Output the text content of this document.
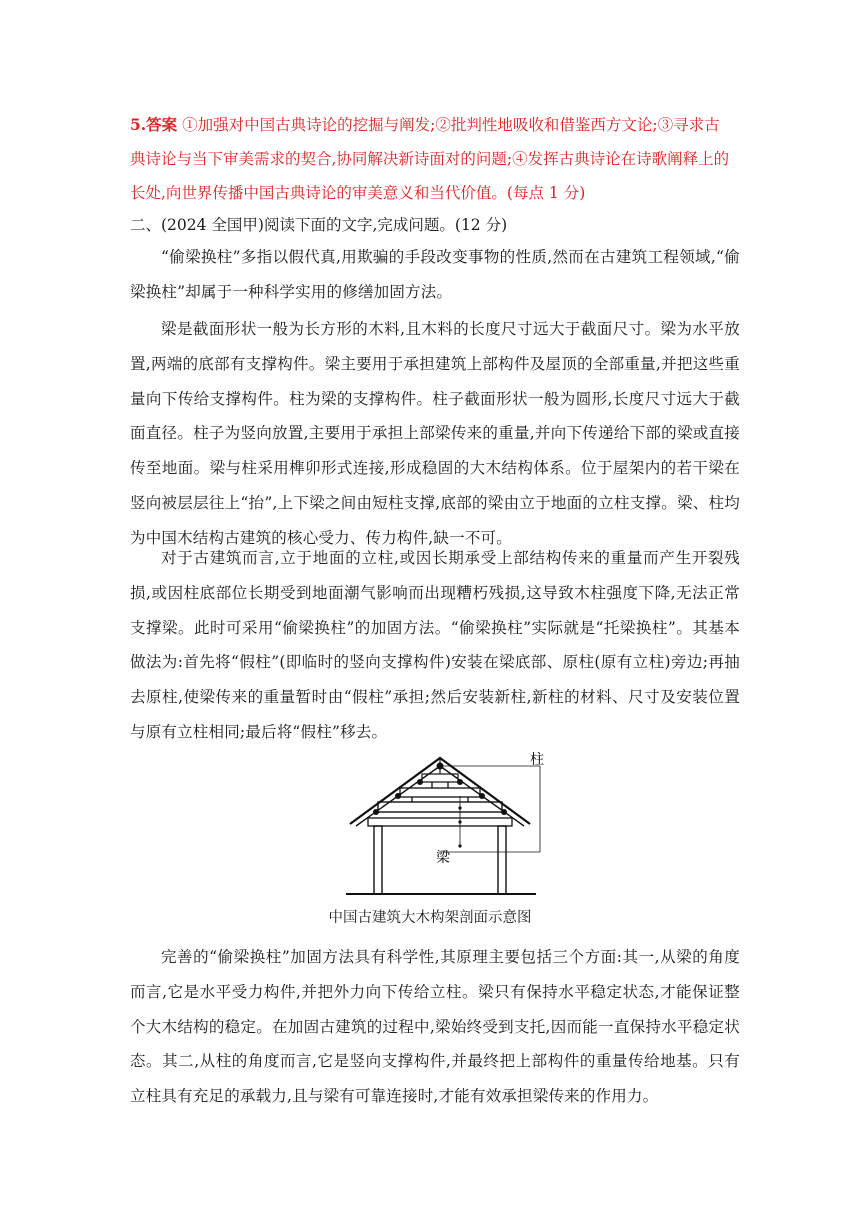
5.答案 ①加强对中国古典诗论的挖掘与阐发;②批判性地吸收和借鉴西方文论;③寻求古典诗论与当下审美需求的契合,协同解决新诗面对的问题;④发挥古典诗论在诗歌阐释上的长处,向世界传播中国古典诗论的审美意义和当代价值。(每点 1 分)
二、(2024 全国甲)阅读下面的文字,完成问题。(12 分)
“偷梁换柱”多指以假代真,用欺骗的手段改变事物的性质,然而在古建筑工程领域,“偷梁换柱”却属于一种科学实用的修缮加固方法。
梁是截面形状一般为长方形的木料,且木料的长度尺寸远大于截面尺寸。梁为水平放置,两端的底部有支撑构件。梁主要用于承担建筑上部构件及屋顶的全部重量,并把这些重量向下传给支撑构件。柱为梁的支撑构件。柱子截面形状一般为圆形,长度尺寸远大于截面直径。柱子为竖向放置,主要用于承担上部梁传来的重量,并向下传递给下部的梁或直接传至地面。梁与柱采用榫卯形式连接,形成稳固的大木结构体系。位于屋架内的若干梁在竖向被层层往上“抬”,上下梁之间由短柱支撑,底部的梁由立于地面的立柱支撑。梁、柱均为中国木结构古建筑的核心受力、传力构件,缺一不可。
对于古建筑而言,立于地面的立柱,或因长期承受上部结构传来的重量而产生开裂残损,或因柱底部位长期受到地面潮气影响而出现糟朽残损,这导致木柱强度下降,无法正常支撑梁。此时可采用“偷梁换柱”的加固方法。“偷梁换柱”实际就是“托梁换柱”。其基本做法为:首先将“假柱”(即临时的竖向支撑构件)安装在梁底部、原柱(原有立柱)旁边;再抽去原柱,使梁传来的重量暂时由“假柱”承担;然后安装新柱,新柱的材料、尺寸及安装位置与原有立柱相同;最后将“假柱”移去。
柱
梁
中国古建筑大木构架剖面示意图
完善的“偷梁换柱”加固方法具有科学性,其原理主要包括三个方面:其一,从梁的角度而言,它是水平受力构件,并把外力向下传给立柱。梁只有保持水平稳定状态,才能保证整个大木结构的稳定。在加固古建筑的过程中,梁始终受到支托,因而能一直保持水平稳定状态。其二,从柱的角度而言,它是竖向支撑构件,并最终把上部构件的重量传给地基。只有立柱具有充足的承载力,且与梁有可靠连接时,才能有效承担梁传来的作用力。
